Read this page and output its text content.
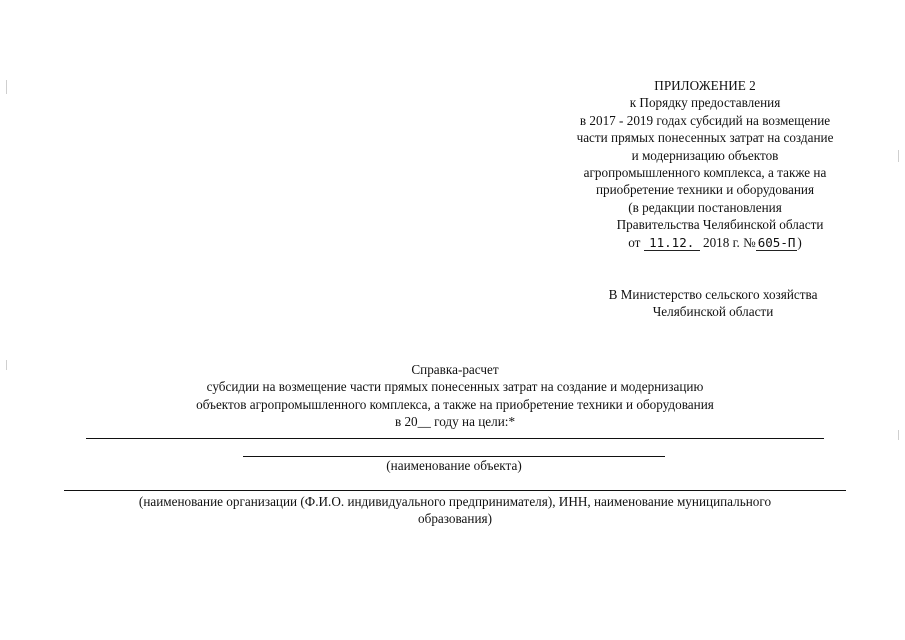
ПРИЛОЖЕНИЕ 2
к Порядку предоставления
в 2017 - 2019 годах субсидий на возмещение
части прямых понесенных затрат на создание
и модернизацию объектов
агропромышленного комплекса, а также на
приобретение техники и оборудования
(в редакции постановления
Правительства Челябинской области
от 11.12. 2018 г. № 605-П )
В Министерство сельского хозяйства
Челябинской области
Справка-расчет
субсидии на возмещение части прямых понесенных затрат на создание и модернизацию
объектов агропромышленного комплекса, а также на приобретение техники и оборудования
в 20__ году на цели:*
(наименование объекта)
(наименование организации (Ф.И.О. индивидуального предпринимателя), ИНН, наименование муниципального
образования)
